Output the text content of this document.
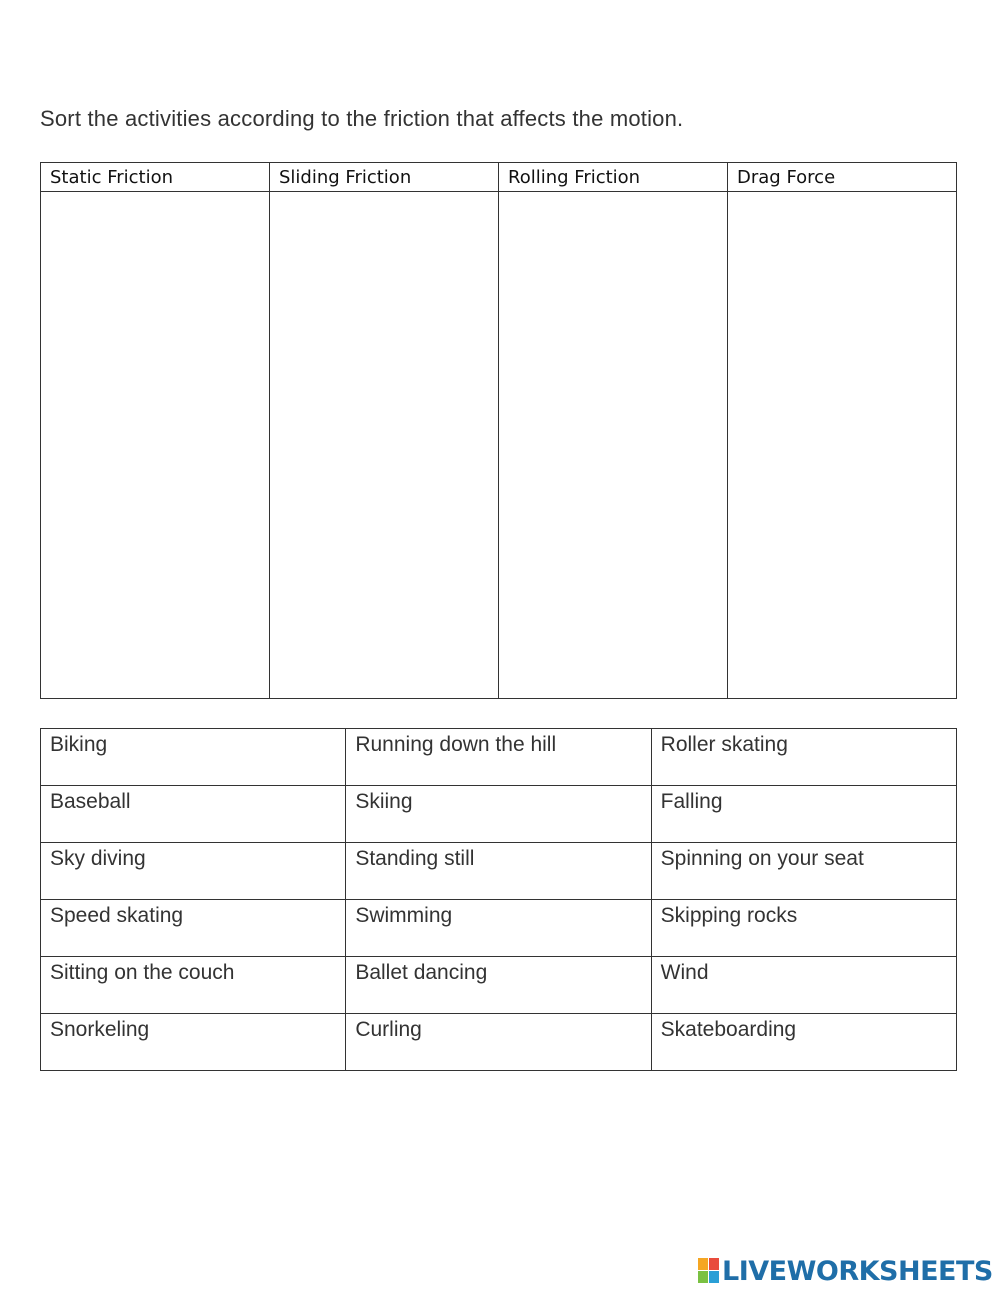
Sort the activities according to the friction that affects the motion.
Static Friction	Sliding Friction	Rolling Friction	Drag Force

Biking	Running down the hill	Roller skating

Baseball	Skiing	Falling

Sky diving	Standing still	Spinning on your seat

Speed skating	Swimming	Skipping rocks

Sitting on the couch	Ballet dancing	Wind

Snorkeling	Curling	Skateboarding
LIVEWORKSHEETS
